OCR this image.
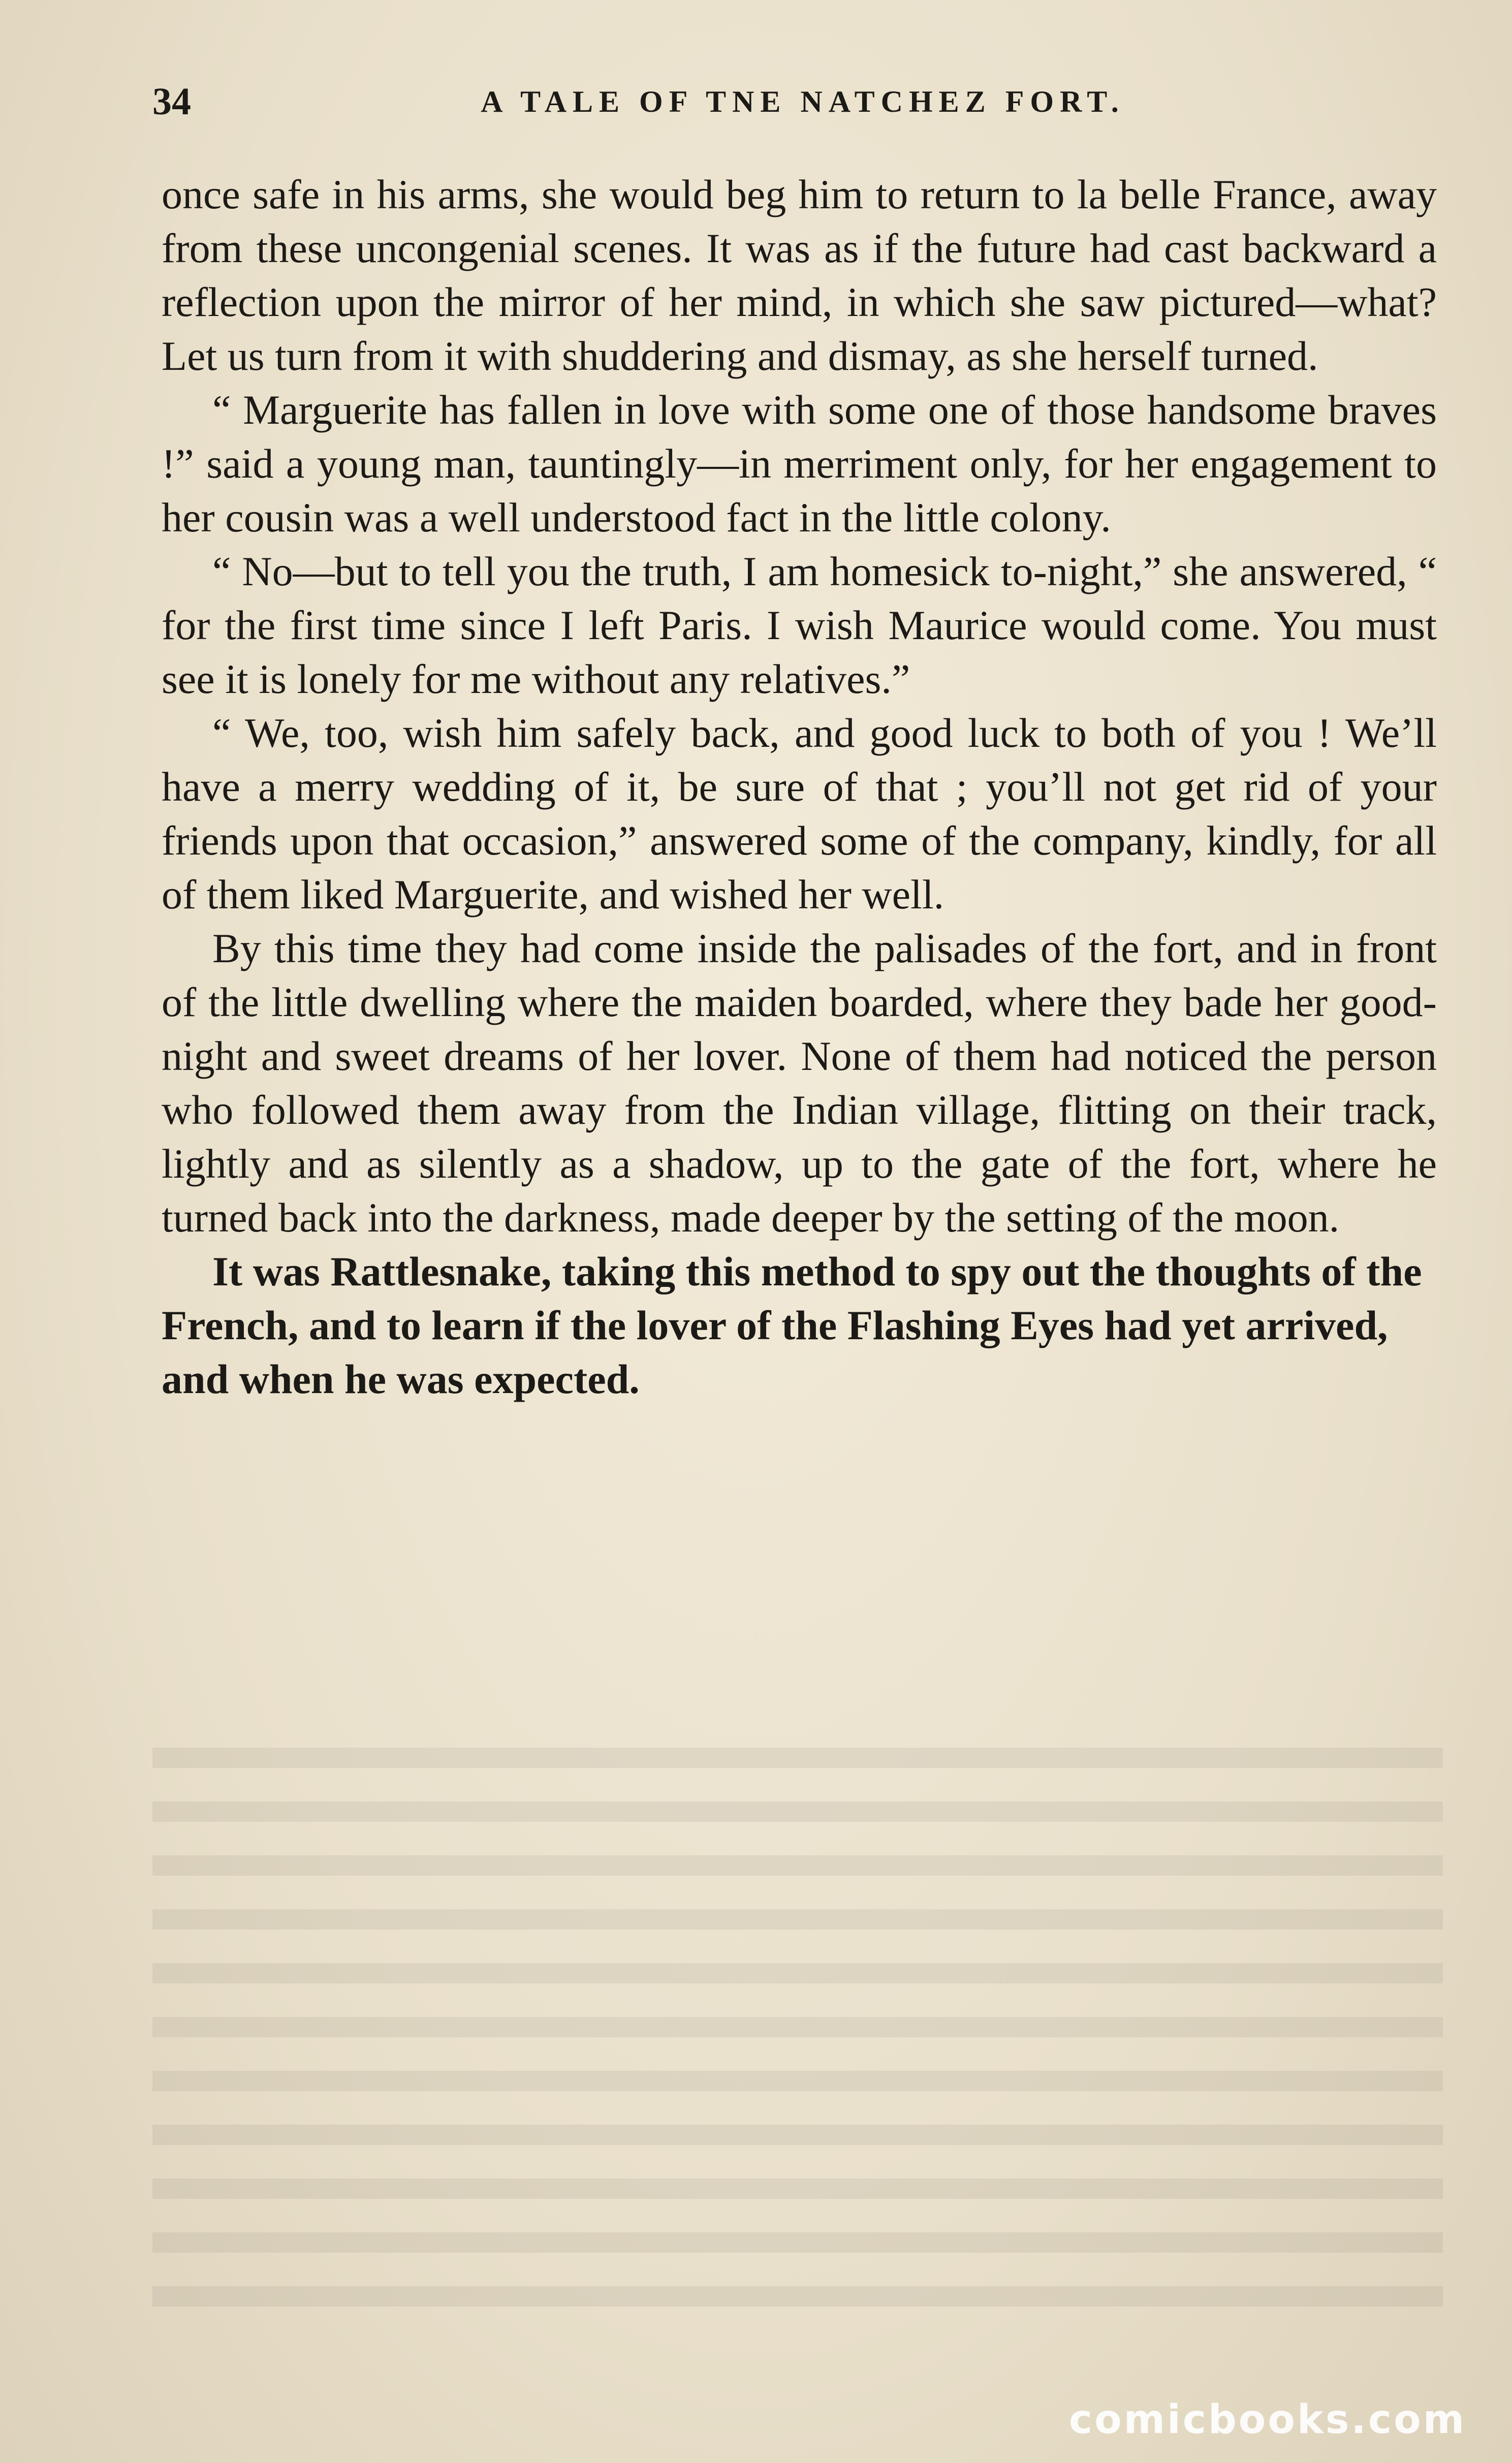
34	A TALE OF TNE NATCHEZ FORT.

once safe in his arms, she would beg him to return to la belle France, away from these uncongenial scenes. It was as if the future had cast backward a reflection upon the mirror of her mind, in which she saw pictured—what? Let us turn from it with shuddering and dismay, as she herself turned.

“ Marguerite has fallen in love with some one of those handsome braves !” said a young man, tauntingly—in merriment only, for her engagement to her cousin was a well understood fact in the little colony.

“ No—but to tell you the truth, I am homesick to-night,” she answered, “ for the first time since I left Paris. I wish Maurice would come. You must see it is lonely for me without any relatives.”

“ We, too, wish him safely back, and good luck to both of you ! We’ll have a merry wedding of it, be sure of that ; you’ll not get rid of your friends upon that occasion,” answered some of the company, kindly, for all of them liked Marguerite, and wished her well.

By this time they had come inside the palisades of the fort, and in front of the little dwelling where the maiden boarded, where they bade her good-night and sweet dreams of her lover. None of them had noticed the person who followed them away from the Indian village, flitting on their track, lightly and as silently as a shadow, up to the gate of the fort, where he turned back into the darkness, made deeper by the setting of the moon.

It was Rattlesnake, taking this method to spy out the thoughts of the French, and to learn if the lover of the Flashing Eyes had yet arrived, and when he was expected.

comicbooks.com
